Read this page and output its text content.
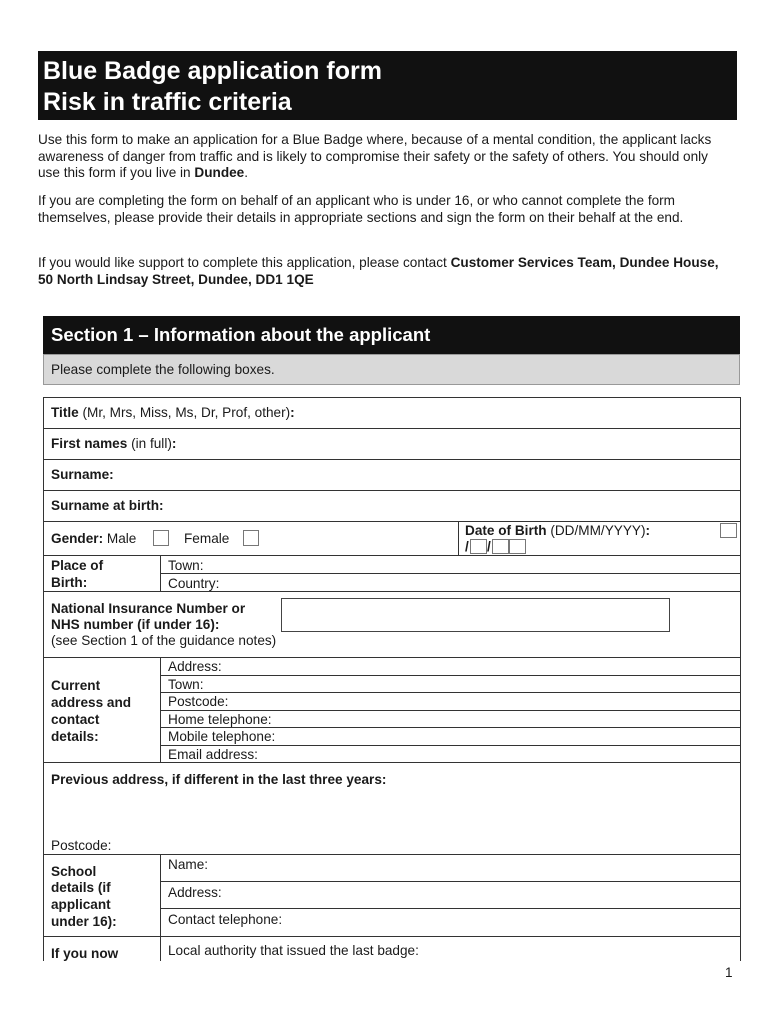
Blue Badge application form
Risk in traffic criteria

Use this form to make an application for a Blue Badge where, because of a mental condition, the applicant lacks awareness of danger from traffic and is likely to compromise their safety or the safety of others. You should only use this form if you live in Dundee.

If you are completing the form on behalf of an applicant who is under 16, or who cannot complete the form themselves, please provide their details in appropriate sections and sign the form on their behalf at the end.

If you would like support to complete this application, please contact Customer Services Team, Dundee House, 50 North Lindsay Street, Dundee, DD1 1QE

Section 1 – Information about the applicant
Please complete the following boxes.
Title (Mr, Mrs, Miss, Ms, Dr, Prof, other):
First names (in full):
Surname:
Surname at birth:
Gender: Male	Female
Date of Birth (DD/MM/YYYY):
/ /
Place of
Birth:
Town:
Country:
National Insurance Number or
NHS number (if under 16):
(see Section 1 of the guidance notes)
Current
address and
contact
details:
Address:
Town:
Postcode:
Home telephone:
Mobile telephone:
Email address:
Previous address, if different in the last three years:
Postcode:
School
details (if
applicant
under 16):
Name:
Address:
Contact telephone:
If you now	Local authority that issued the last badge:
1
